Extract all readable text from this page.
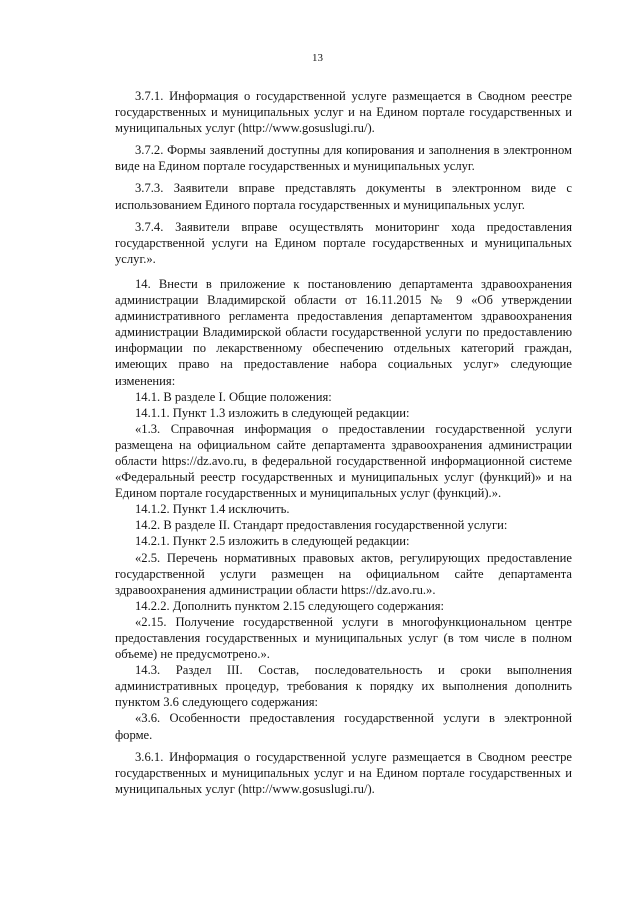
13

3.7.1. Информация о государственной услуге размещается в Сводном реестре государственных и муниципальных услуг и на Едином портале государственных и муниципальных услуг (http://www.gosuslugi.ru/).

3.7.2. Формы заявлений доступны для копирования и заполнения в электронном виде на Едином портале государственных и муниципальных услуг.

3.7.3. Заявители вправе представлять документы в электронном виде с использованием Единого портала государственных и муниципальных услуг.

3.7.4. Заявители вправе осуществлять мониторинг хода предоставления государственной услуги на Едином портале государственных и муниципальных услуг.».

14. Внести в приложение к постановлению департамента здравоохранения администрации Владимирской области от 16.11.2015 № 9 «Об утверждении административного регламента предоставления департаментом здравоохранения администрации Владимирской области государственной услуги по предоставлению информации по лекарственному обеспечению отдельных категорий граждан, имеющих право на предоставление набора социальных услуг» следующие изменения:

14.1. В разделе I. Общие положения:

14.1.1. Пункт 1.3 изложить в следующей редакции:

«1.3. Справочная информация о предоставлении государственной услуги размещена на официальном сайте департамента здравоохранения администрации области https://dz.avo.ru, в федеральной государственной информационной системе «Федеральный реестр государственных и муниципальных услуг (функций)» и на Едином портале государственных и муниципальных услуг (функций).».

14.1.2. Пункт 1.4 исключить.

14.2. В разделе II. Стандарт предоставления государственной услуги:

14.2.1. Пункт 2.5 изложить в следующей редакции:

«2.5. Перечень нормативных правовых актов, регулирующих предоставление государственной услуги размещен на официальном сайте департамента здравоохранения администрации области https://dz.avo.ru.».

14.2.2. Дополнить пунктом 2.15 следующего содержания:

«2.15. Получение государственной услуги в многофункциональном центре предоставления государственных и муниципальных услуг (в том числе в полном объеме) не предусмотрено.».

14.3. Раздел III. Состав, последовательность и сроки выполнения административных процедур, требования к порядку их выполнения дополнить пунктом 3.6 следующего содержания:

«3.6. Особенности предоставления государственной услуги в электронной форме.

3.6.1. Информация о государственной услуге размещается в Сводном реестре государственных и муниципальных услуг и на Едином портале государственных и муниципальных услуг (http://www.gosuslugi.ru/).
